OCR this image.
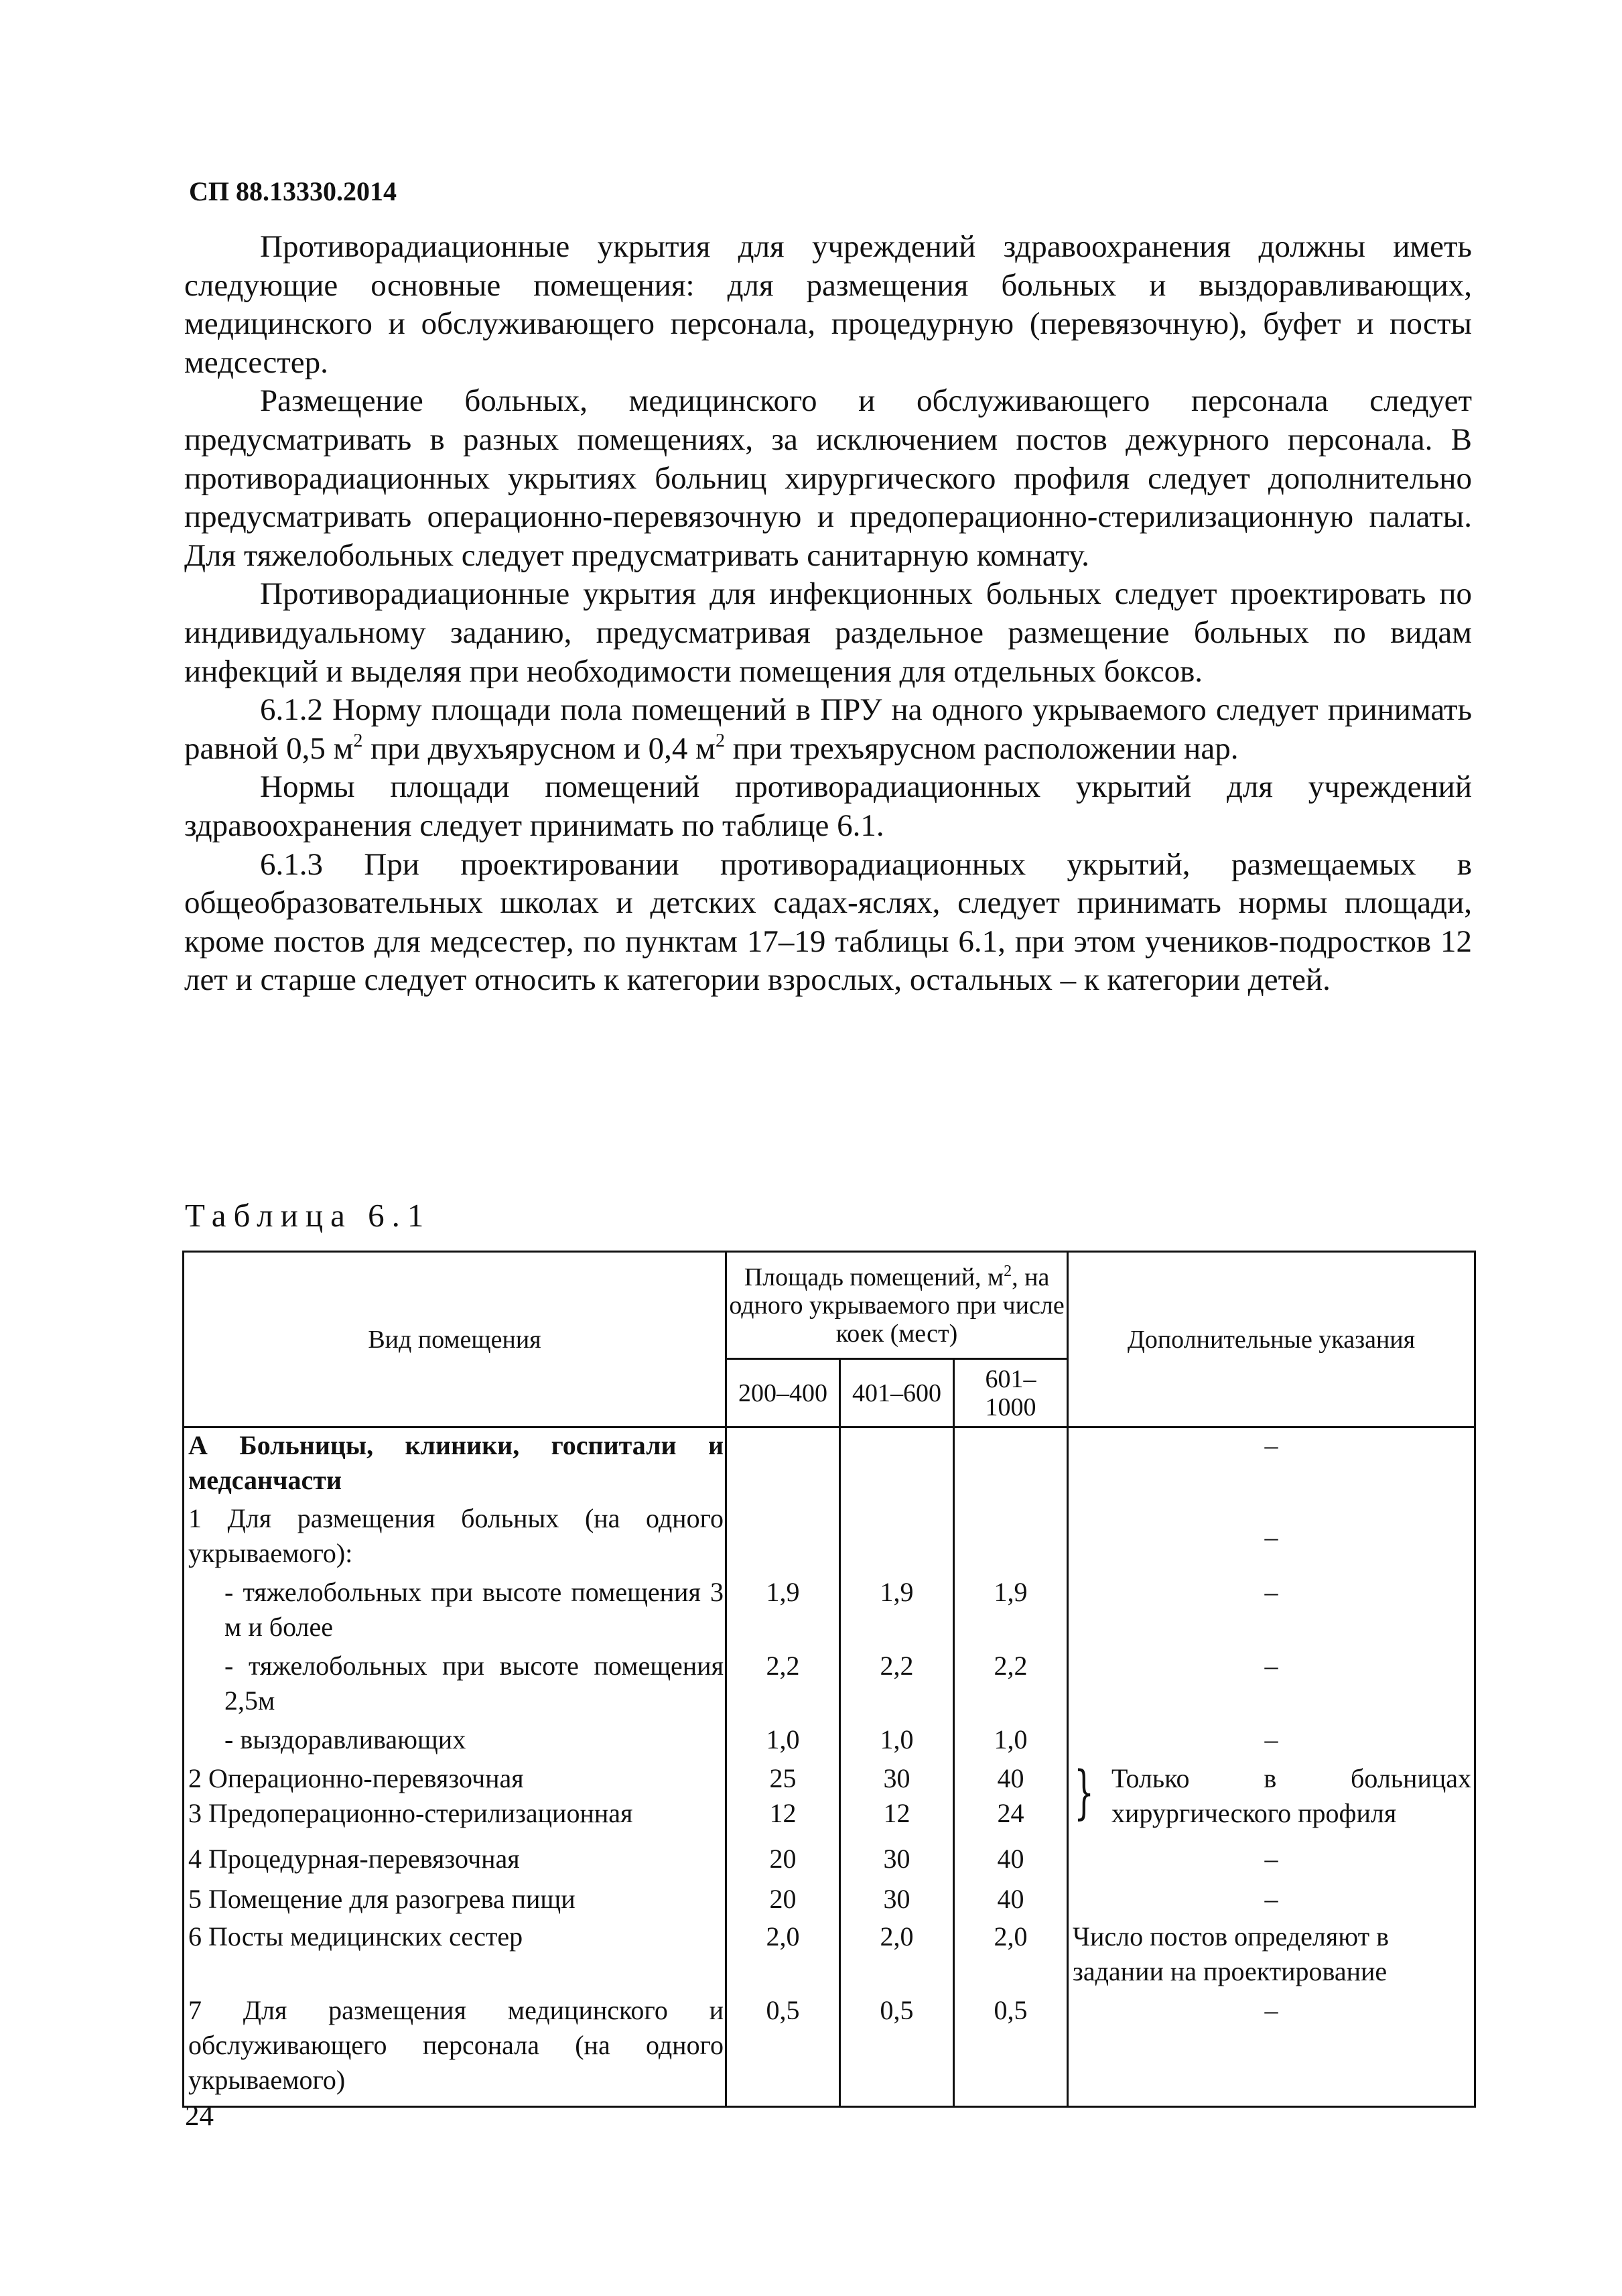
СП 88.13330.2014

Противорадиационные укрытия для учреждений здравоохранения должны иметь следующие основные помещения: для размещения больных и выздоравливающих, медицинского и обслуживающего персонала, процедурную (перевязочную), буфет и посты медсестер.

Размещение больных, медицинского и обслуживающего персонала следует предусматривать в разных помещениях, за исключением постов дежурного персонала. В противорадиационных укрытиях больниц хирургического профиля следует дополнительно предусматривать операционно-перевязочную и предоперационно-стерилизационную палаты. Для тяжелобольных следует предусматривать санитарную комнату.

Противорадиационные укрытия для инфекционных больных следует проектировать по индивидуальному заданию, предусматривая раздельное размещение больных по видам инфекций и выделяя при необходимости помещения для отдельных боксов.

6.1.2 Норму площади пола помещений в ПРУ на одного укрываемого следует принимать равной 0,5 $м^2$ при двухъярусном и 0,4 $м^2$ при трехъярусном расположении нар.

Нормы площади помещений противорадиационных укрытий для учреждений здравоохранения следует принимать по таблице 6.1.

6.1.3 При проектировании противорадиационных укрытий, размещаемых в общеобразовательных школах и детских садах-яслях, следует принимать нормы площади, кроме постов для медсестер, по пунктам 17–19 таблицы 6.1, при этом учеников-подростков 12 лет и старше следует относить к категории взрослых, остальных – к категории детей.

Таблица 6.1
Вид помещения	Площадь помещений, $м^2$, на одного укрываемого при числе коек (мест)			Дополнительные указания
	200–400	401–600	601–1000	
А Больницы, клиники, госпитали и медсанчасти				–
1 Для размещения больных (на одного укрываемого):				–
- тяжелобольных при высоте помещения 3 м и более	1,9	1,9	1,9	–
- тяжелобольных при высоте помещения 2,5м	2,2	2,2	2,2	–
- выздоравливающих	1,0	1,0	1,0	–
2 Операционно-перевязочная	25	30	40	} Только в больницах
хирургического профиля

3 Предоперационно-стерилизационная	12	12	24	
4 Процедурная-перевязочная	20	30	40	–
5 Помещение для разогрева пищи	20	30	40	–
6 Посты медицинских сестер	2,0	2,0	2,0	Число постов определяют в задании на проектирование
7 Для размещения медицинского и обслуживающего персонала (на одного укрываемого)	0,5	0,5	0,5	–
24
